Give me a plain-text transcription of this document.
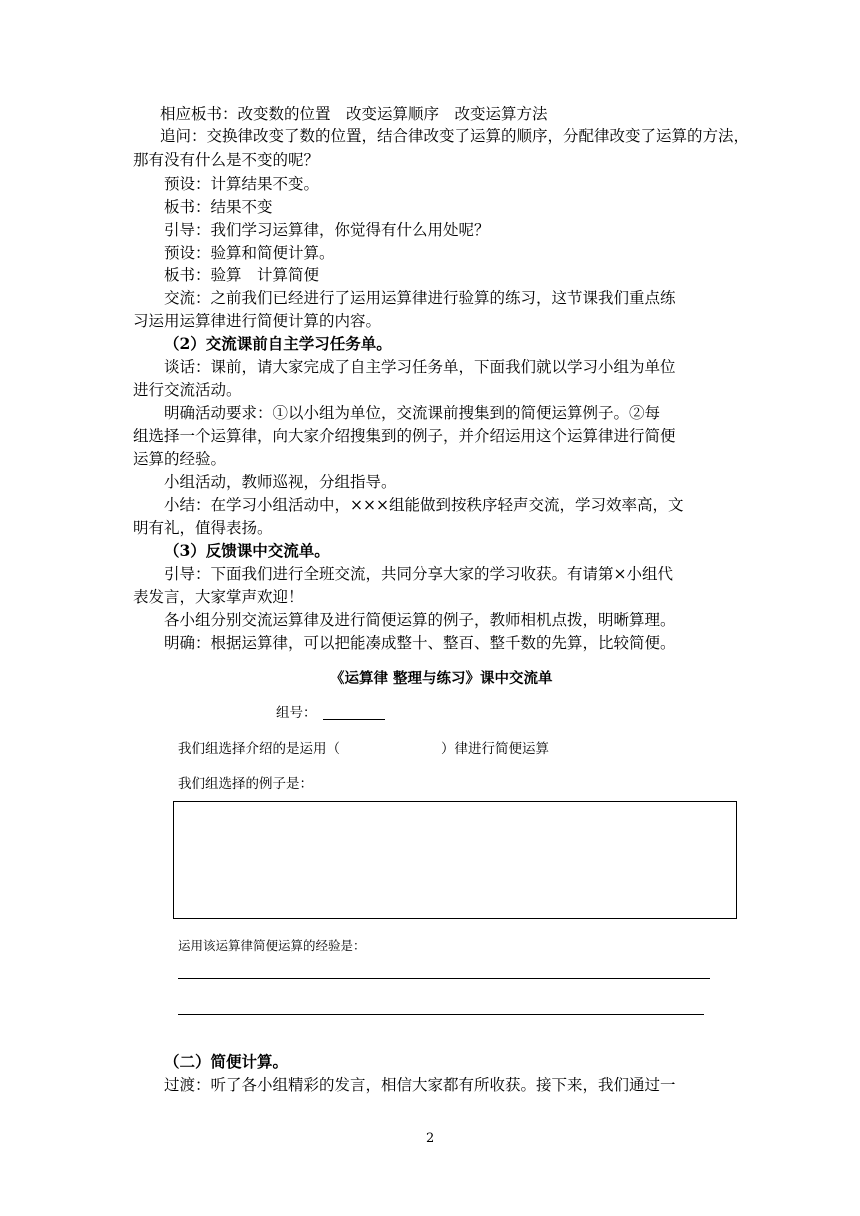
相应板书：改变数的位置　改变运算顺序　改变运算方法
追问：交换律改变了数的位置，结合律改变了运算的顺序，分配律改变了运算的方法，
那有没有什么是不变的呢？
预设：计算结果不变。
板书：结果不变
引导：我们学习运算律，你觉得有什么用处呢？
预设：验算和简便计算。
板书：验算　计算简便
交流：之前我们已经进行了运用运算律进行验算的练习，这节课我们重点练
习运用运算律进行简便计算的内容。
（2）交流课前自主学习任务单。
谈话：课前，请大家完成了自主学习任务单，下面我们就以学习小组为单位
进行交流活动。
明确活动要求：①以小组为单位，交流课前搜集到的简便运算例子。②每
组选择一个运算律，向大家介绍搜集到的例子，并介绍运用这个运算律进行简便
运算的经验。
小组活动，教师巡视，分组指导。
小结：在学习小组活动中，×××组能做到按秩序轻声交流，学习效率高，文
明有礼，值得表扬。
（3）反馈课中交流单。
引导：下面我们进行全班交流，共同分享大家的学习收获。有请第×小组代
表发言，大家掌声欢迎！
各小组分别交流运算律及进行简便运算的例子，教师相机点拨，明晰算理。
明确：根据运算律，可以把能凑成整十、整百、整千数的先算，比较简便。
《运算律 整理与练习》课中交流单
组号：
我们组选择介绍的是运用（	）律进行简便运算
我们组选择的例子是：
运用该运算律简便运算的经验是：
（二）简便计算。
过渡：听了各小组精彩的发言，相信大家都有所收获。接下来，我们通过一
2
